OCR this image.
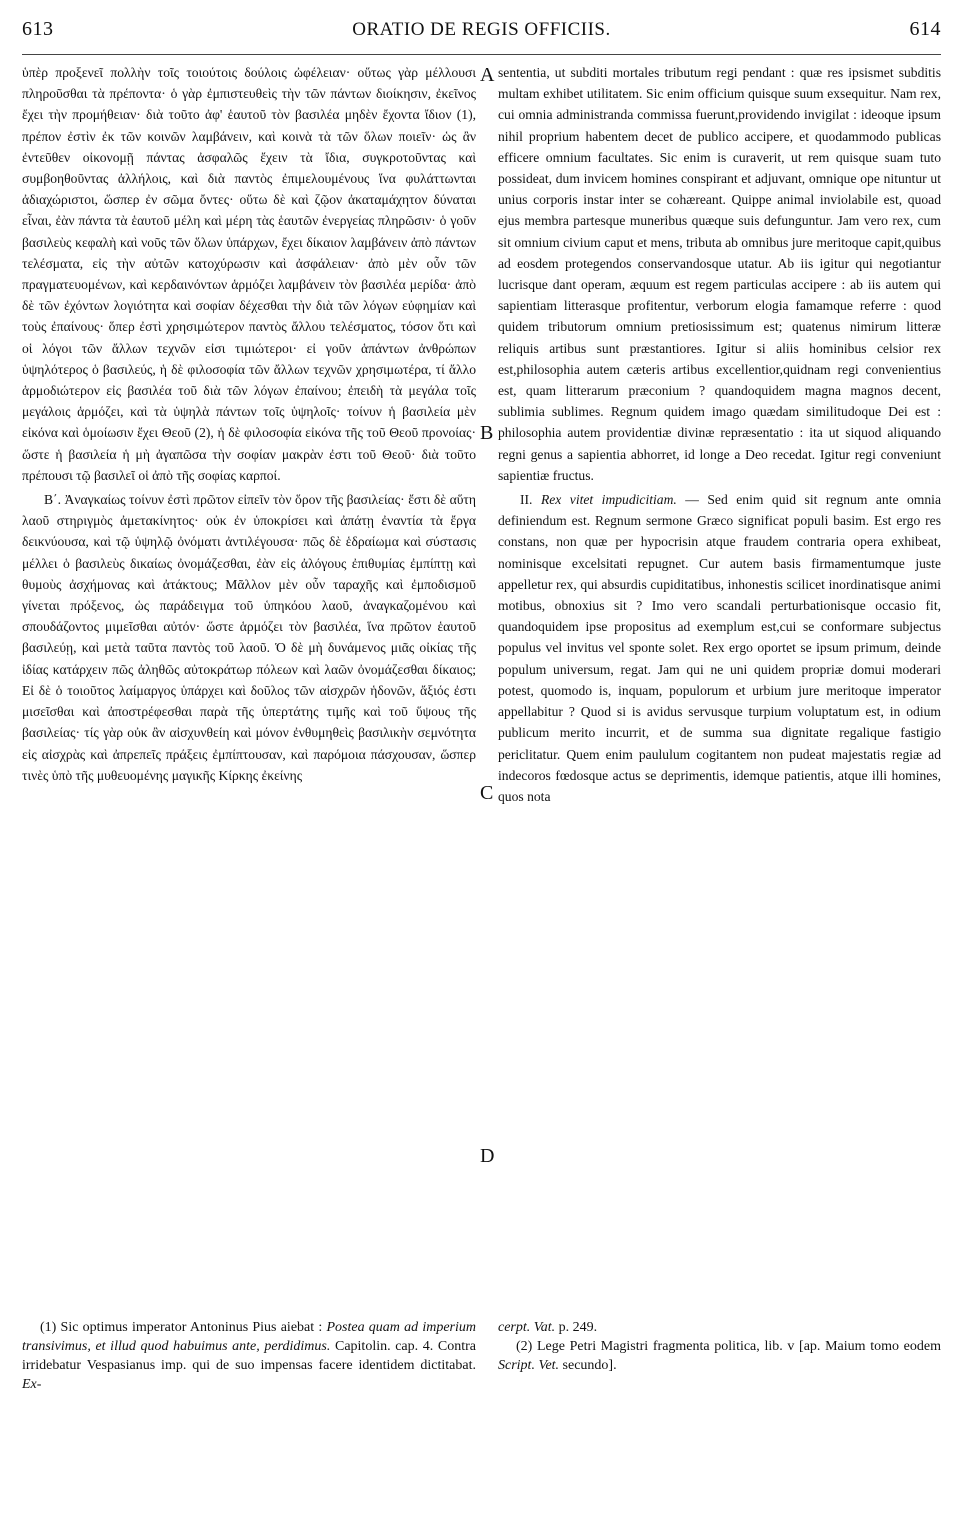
613	ORATIO DE REGIS OFFICIIS.	614

ὑπὲρ προξενεῖ πολλὴν τοῖς τοιούτοις δούλοις ὠφέλειαν· οὕτως γὰρ μέλλουσι πληροῦσθαι τὰ πρέποντα· ὁ γὰρ ἐμπιστευθεὶς τὴν τῶν πάντων διοίκησιν, ἐκεῖνος ἔχει τὴν προμήθειαν· διὰ τοῦτο ἀφ' ἑαυτοῦ τὸν βασιλέα μηδὲν ἔχοντα ἴδιον (1), πρέπον ἐστὶν ἐκ τῶν κοινῶν λαμβάνειν, καὶ κοινὰ τὰ τῶν ὅλων ποιεῖν· ὡς ἂν ἐντεῦθεν οἰκονομῇ πάντας ἀσφαλῶς ἔχειν τὰ ἴδια, συγκροτοῦντας καὶ συμβοηθοῦντας ἀλλήλοις, καὶ διὰ παντὸς ἐπιμελουμένους ἵνα φυλάττωνται ἀδιαχώριστοι, ὥσπερ ἐν σῶμα ὄντες· οὕτω δὲ καὶ ζῷον ἀκαταμάχητον δύναται εἶναι, ἐὰν πάντα τὰ ἑαυτοῦ μέλη καὶ μέρη τὰς ἑαυτῶν ἐνεργείας πληρῶσιν· ὁ γοῦν βασιλεὺς κεφαλὴ καὶ νοῦς τῶν ὅλων ὑπάρχων, ἔχει δίκαιον λαμβάνειν ἀπὸ πάντων τελέσματα, εἰς τὴν αὐτῶν κατοχύρωσιν καὶ ἀσφάλειαν· ἀπὸ μὲν οὖν τῶν πραγματευομένων, καὶ κερδαινόντων ἁρμόζει λαμβάνειν τὸν βασιλέα μερίδα· ἀπὸ δὲ τῶν ἐχόντων λογιότητα καὶ σοφίαν δέχεσθαι τὴν διὰ τῶν λόγων εὐφημίαν καὶ τοὺς ἐπαίνους· ὅπερ ἐστὶ χρησιμώτερον παντὸς ἄλλου τελέσματος, τόσον ὅτι καὶ οἱ λόγοι τῶν ἄλλων τεχνῶν εἰσι τιμιώτεροι· εἰ γοῦν ἁπάντων ἀνθρώπων ὑψηλότερος ὁ βασιλεύς, ἡ δὲ φιλοσοφία τῶν ἄλλων τεχνῶν χρησιμωτέρα, τί ἄλλο ἁρμοδιώτερον εἰς βασιλέα τοῦ διὰ τῶν λόγων ἐπαίνου; ἐπειδὴ τὰ μεγάλα τοῖς μεγάλοις ἁρμόζει, καὶ τὰ ὑψηλὰ πάντων τοῖς ὑψηλοῖς· τοίνυν ἡ βασιλεία μὲν εἰκόνα καὶ ὁμοίωσιν ἔχει Θεοῦ (2), ἡ δὲ φιλοσοφία εἰκόνα τῆς τοῦ Θεοῦ προνοίας· ὥστε ἡ βασιλεία ἡ μὴ ἀγαπῶσα τὴν σοφίαν μακρὰν ἐστι τοῦ Θεοῦ· διὰ τοῦτο πρέπουσι τῷ βασιλεῖ οἱ ἀπὸ τῆς σοφίας καρποί.

Β΄. Ἀναγκαίως τοίνυν ἐστὶ πρῶτον εἰπεῖν τὸν ὅρον τῆς βασιλείας· ἔστι δὲ αὕτη λαοῦ στηριγμὸς ἀμετακίνητος· οὐκ ἐν ὑποκρίσει καὶ ἀπάτῃ ἐναντία τὰ ἔργα δεικνύουσα, καὶ τῷ ὑψηλῷ ὀνόματι ἀντιλέγουσα· πῶς δὲ ἑδραίωμα καὶ σύστασις μέλλει ὁ βασιλεὺς δικαίως ὀνομάζεσθαι, ἐὰν εἰς ἀλόγους ἐπιθυμίας ἐμπίπτῃ καὶ θυμοὺς ἀσχήμονας καὶ ἀτάκτους; Μᾶλλον μὲν οὖν ταραχῆς καὶ ἐμποδισμοῦ γίνεται πρόξενος, ὡς παράδειγμα τοῦ ὑπηκόου λαοῦ, ἀναγκαζομένου καὶ σπουδάζοντος μιμεῖσθαι αὐτόν· ὥστε ἁρμόζει τὸν βασιλέα, ἵνα πρῶτον ἑαυτοῦ βασιλεύῃ, καὶ μετὰ ταῦτα παντὸς τοῦ λαοῦ. Ὁ δὲ μὴ δυνάμενος μιᾶς οἰκίας τῆς ἰδίας κατάρχειν πῶς ἀληθῶς αὐτοκράτωρ πόλεων καὶ λαῶν ὀνομάζεσθαι δίκαιος; Εἰ δὲ ὁ τοιοῦτος λαίμαργος ὑπάρχει καὶ δοῦλος τῶν αἰσχρῶν ἡδονῶν, ἄξιός ἐστι μισεῖσθαι καὶ ἀποστρέφεσθαι παρὰ τῆς ὑπερτάτης τιμῆς καὶ τοῦ ὕψους τῆς βασιλείας· τίς γὰρ οὐκ ἂν αἰσχυνθείη καὶ μόνον ἐνθυμηθεὶς βασιλικὴν σεμνότητα εἰς αἰσχρὰς καὶ ἀπρεπεῖς πράξεις ἐμπίπτουσαν, καὶ παρόμοια πάσχουσαν, ὥσπερ τινὲς ὑπὸ τῆς μυθευομένης μαγικῆς Κίρκης ἐκείνης

A
B
C
D

sententia, ut subditi mortales tributum regi pendant : quæ res ipsismet subditis multam exhibet utilitatem. Sic enim officium quisque suum exsequitur. Nam rex, cui omnia administranda commissa fuerunt,providendo invigilat : ideoque ipsum nihil proprium habentem decet de publico accipere, et quodammodo publicas efficere omnium facultates. Sic enim is curaverit, ut rem quisque suam tuto possideat, dum invicem homines conspirant et adjuvant, omnique ope nituntur ut unius corporis instar inter se cohæreant. Quippe animal inviolabile est, quoad ejus membra partesque muneribus quæque suis defunguntur. Jam vero rex, cum sit omnium civium caput et mens, tributa ab omnibus jure meritoque capit,quibus ad eosdem protegendos conservandosque utatur. Ab iis igitur qui negotiantur lucrisque dant operam, æquum est regem particulas accipere : ab iis autem qui sapientiam litterasque profitentur, verborum elogia famamque referre : quod quidem tributorum omnium pretiosissimum est; quatenus nimirum litteræ reliquis artibus sunt præstantiores. Igitur si aliis hominibus celsior rex est,philosophia autem cæteris artibus excellentior,quidnam regi convenientius est, quam litterarum præconium ? quandoquidem magna magnos decent, sublimia sublimes. Regnum quidem imago quædam similitudoque Dei est : philosophia autem providentiæ divinæ repræsentatio : ita ut siquod aliquando regni genus a sapientia abhorret, id longe a Deo recedat. Igitur regi conveniunt sapientiæ fructus.

II. Rex vitet impudicitiam. — Sed enim quid sit regnum ante omnia definiendum est. Regnum sermone Græco significat populi basim. Est ergo res constans, non quæ per hypocrisin atque fraudem contraria opera exhibeat, nominisque excelsitati repugnet. Cur autem basis firmamentumque juste appelletur rex, qui absurdis cupiditatibus, inhonestis scilicet inordinatisque animi motibus, obnoxius sit ? Imo vero scandali perturbationisque occasio fit, quandoquidem ipse propositus ad exemplum est,cui se conformare subjectus populus vel invitus vel sponte solet. Rex ergo oportet se ipsum primum, deinde populum universum, regat. Jam qui ne uni quidem propriæ domui moderari potest, quomodo is, inquam, populorum et urbium jure meritoque imperator appellabitur ? Quod si is avidus servusque turpium voluptatum est, in odium publicum merito incurrit, et de summa sua dignitate regalique fastigio periclitatur. Quem enim paululum cogitantem non pudeat majestatis regiæ ad indecoros fœdosque actus se deprimentis, idemque patientis, atque illi homines, quos nota

(1) Sic optimus imperator Antoninus Pius aiebat : Postea quam ad imperium transivimus, et illud quod habuimus ante, perdidimus. Capitolin. cap. 4. Contra irridebatur Vespasianus imp. qui de suo impensas facere identidem dictitabat. Ex-

cerpt. Vat. p. 249.

(2) Lege Petri Magistri fragmenta politica, lib. v [ap. Maium tomo eodem Script. Vet. secundo].
